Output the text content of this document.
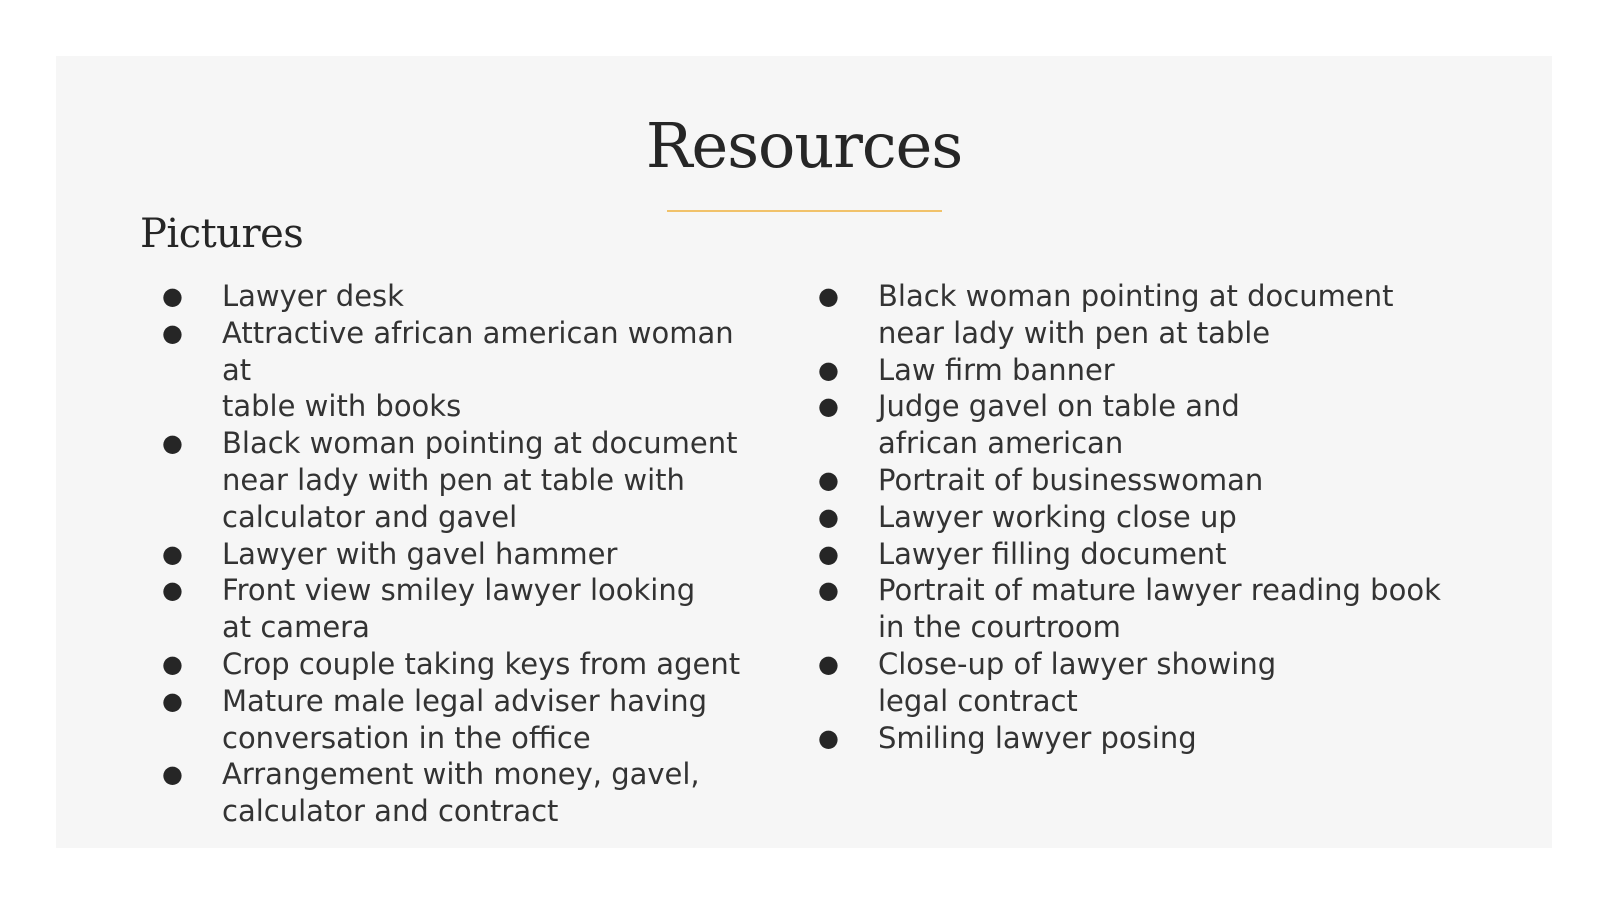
Resources
Pictures
●	Lawyer desk
●	Attractive african american woman at
table with books
●	Black woman pointing at document
near lady with pen at table with
calculator and gavel
●	Lawyer with gavel hammer
●	Front view smiley lawyer looking
at camera
●	Crop couple taking keys from agent
●	Mature male legal adviser having
conversation in the office
●	Arrangement with money, gavel,
calculator and contract
●	Black woman pointing at document
near lady with pen at table
●	Law firm banner
●	Judge gavel on table and
african american
●	Portrait of businesswoman
●	Lawyer working close up
●	Lawyer filling document
●	Portrait of mature lawyer reading book
in the courtroom
●	Close-up of lawyer showing
legal contract
●	Smiling lawyer posing
